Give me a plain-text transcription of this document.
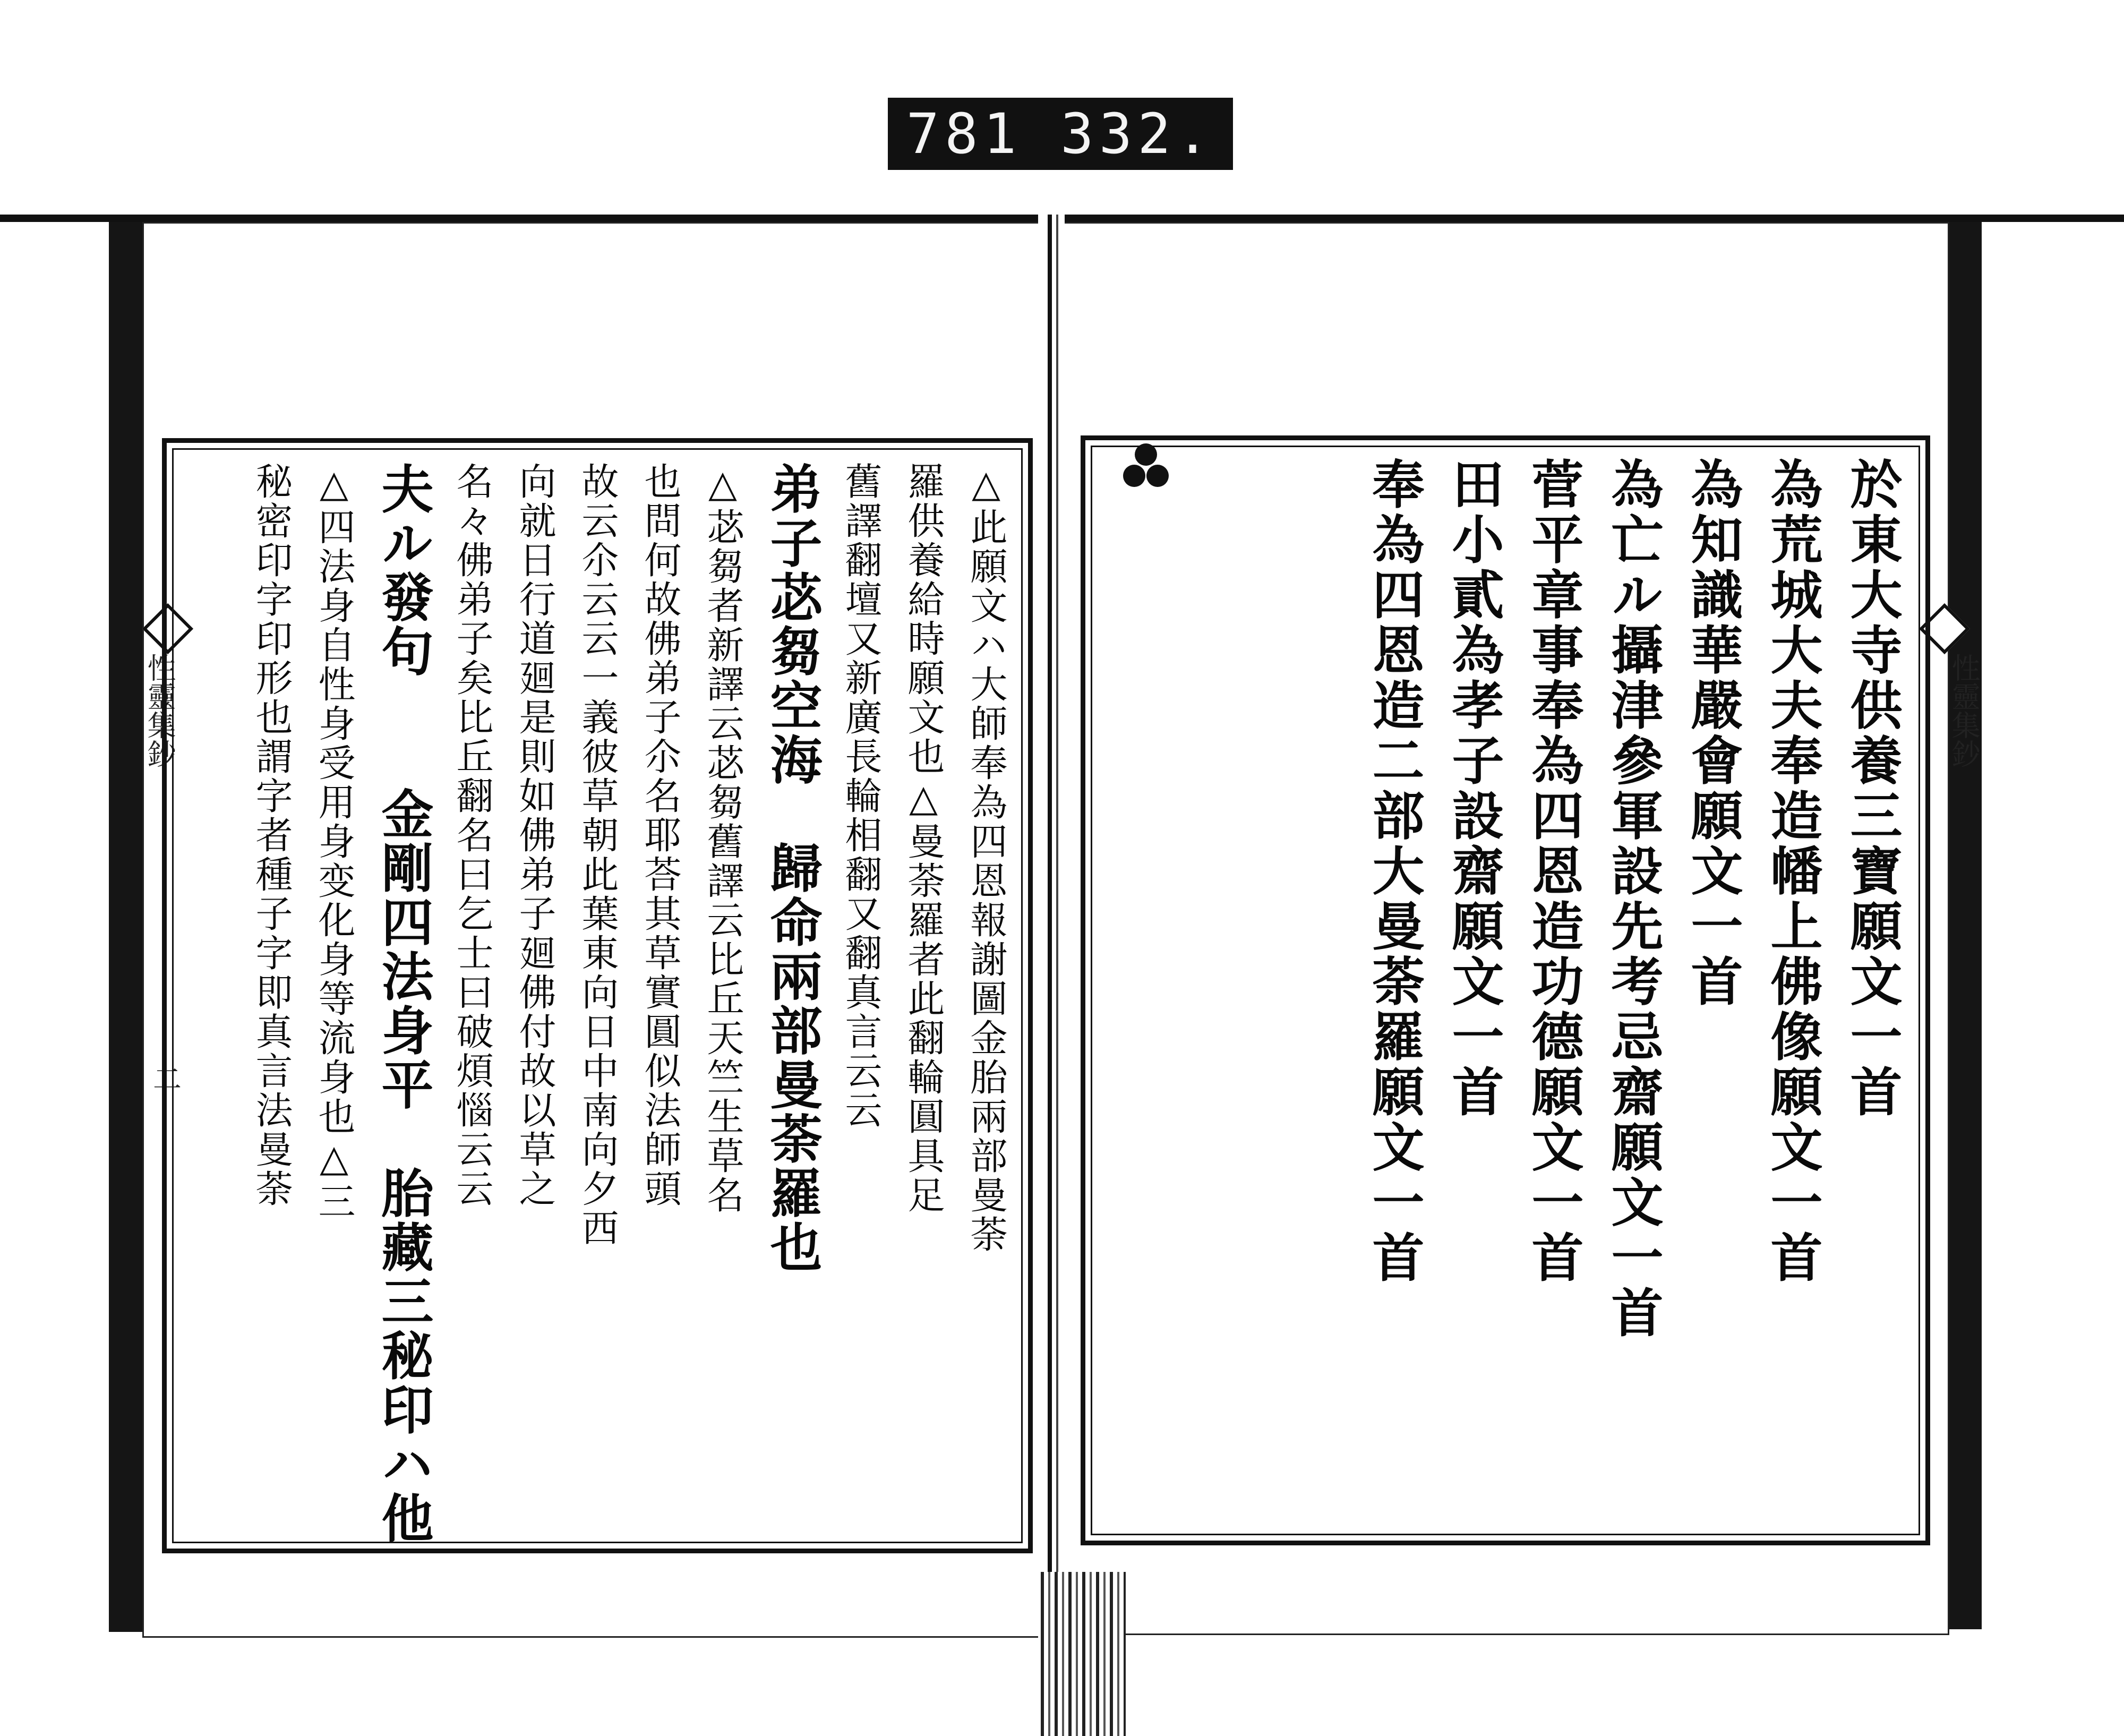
781 332.
性靈集鈔	性靈集鈔
二	於東大寺供養三寶願文一首
為荒城大夫奉造幡上佛像願文一首
為知識華嚴會願文一首
為亡ル攝津參軍設先考忌齋願文一首
菅平章事奉為四恩造功德願文一首
田小貳為孝子設齋願文一首
奉為四恩造二部大曼荼羅願文一首
△此願文ハ大師奉為四恩報謝圖金胎兩部曼荼
羅供養給時願文也△曼荼羅者此翻輪圓具足
舊譯翻壇又新廣長輪相翻又翻真言云云
弟子苾芻空海　歸命兩部曼荼羅也
△苾芻者新譯云苾芻舊譯云比丘天竺生草名
也問何故佛弟子尒名耶荅其草實圓似法師頭
故云尒云云一義彼草朝此葉東向日中南向夕西
向就日行道廻是則如佛弟子廻佛付故以草之
名々佛弟子矣比丘翻名曰乞士曰破煩惱云云
夫ル發句　　金剛四法身平　胎藏三秘印ハ他
△四法身自性身受用身变化身等流身也△三
秘密印字印形也謂字者種子字即真言法曼荼
